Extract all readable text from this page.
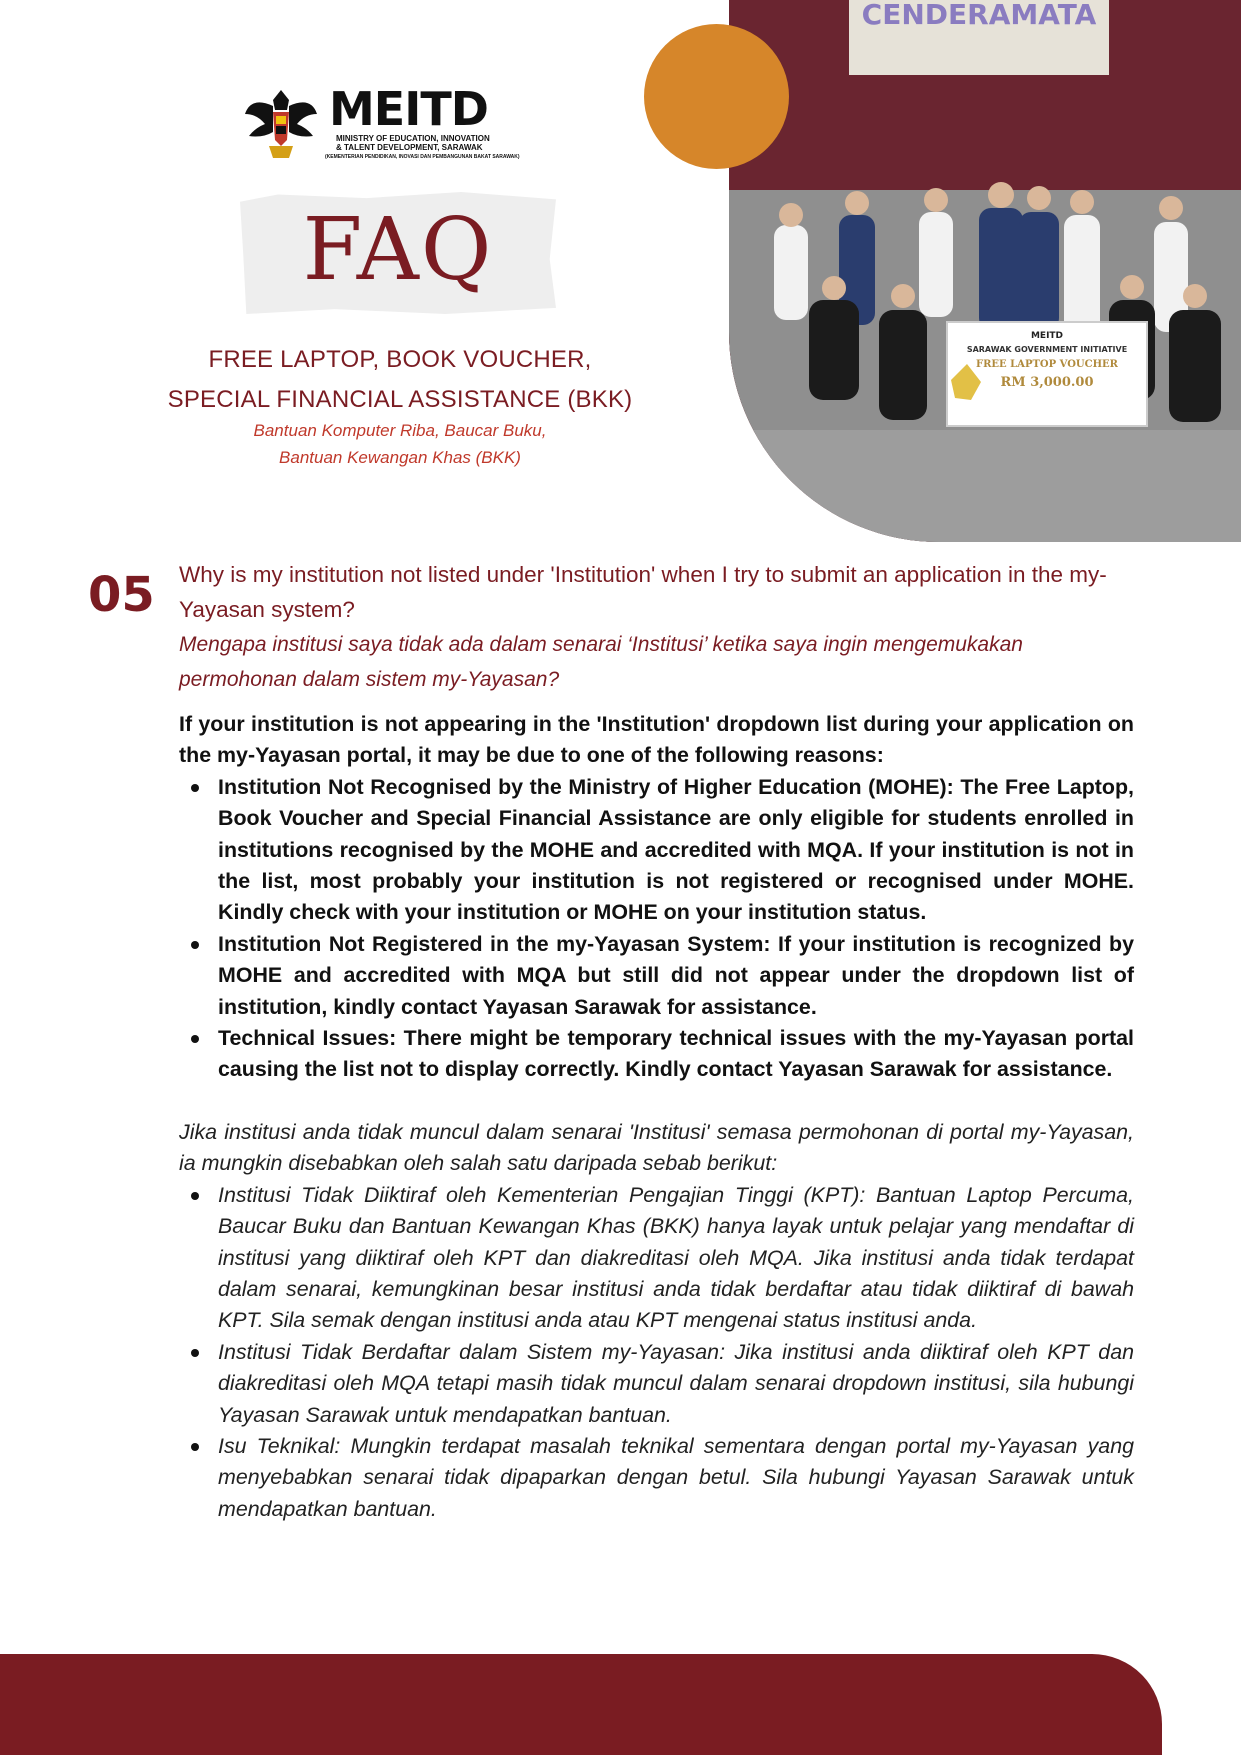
CENDERAMATA
MEITD
SARAWAK GOVERNMENT INITIATIVE
FREE LAPTOP VOUCHER
RM 3,000.00
MEITD
MINISTRY OF EDUCATION, INNOVATION
& TALENT DEVELOPMENT, SARAWAK
(KEMENTERIAN PENDIDIKAN, INOVASI DAN PEMBANGUNAN BAKAT SARAWAK)
FAQ
FREE LAPTOP, BOOK VOUCHER,
SPECIAL FINANCIAL ASSISTANCE (BKK)
Bantuan Komputer Riba, Baucar Buku,
Bantuan Kewangan Khas (BKK)
05 Why is my institution not listed under 'Institution' when I try to submit an application in the my-Yayasan system?
Mengapa institusi saya tidak ada dalam senarai ‘Institusi’ ketika saya ingin mengemukakan permohonan dalam sistem my-Yayasan?

If your institution is not appearing in the 'Institution' dropdown list during your application on the my-Yayasan portal, it may be due to one of the following reasons:

Institution Not Recognised by the Ministry of Higher Education (MOHE): The Free Laptop, Book Voucher and Special Financial Assistance are only eligible for students enrolled in institutions recognised by the MOHE and accredited with MQA. If your institution is not in the list, most probably your institution is not registered or recognised under MOHE. Kindly check with your institution or MOHE on your institution status.
Institution Not Registered in the my-Yayasan System: If your institution is recognized by MOHE and accredited with MQA but still did not appear under the dropdown list of institution, kindly contact Yayasan Sarawak for assistance.
Technical Issues: There might be temporary technical issues with the my-Yayasan portal causing the list not to display correctly. Kindly contact Yayasan Sarawak for assistance.

Jika institusi anda tidak muncul dalam senarai 'Institusi' semasa permohonan di portal my-Yayasan, ia mungkin disebabkan oleh salah satu daripada sebab berikut:

Institusi Tidak Diiktiraf oleh Kementerian Pengajian Tinggi (KPT): Bantuan Laptop Percuma, Baucar Buku dan Bantuan Kewangan Khas (BKK) hanya layak untuk pelajar yang mendaftar di institusi yang diiktiraf oleh KPT dan diakreditasi oleh MQA. Jika institusi anda tidak terdapat dalam senarai, kemungkinan besar institusi anda tidak berdaftar atau tidak diiktiraf di bawah KPT. Sila semak dengan institusi anda atau KPT mengenai status institusi anda.
Institusi Tidak Berdaftar dalam Sistem my-Yayasan: Jika institusi anda diiktiraf oleh KPT dan diakreditasi oleh MQA tetapi masih tidak muncul dalam senarai dropdown institusi, sila hubungi Yayasan Sarawak untuk mendapatkan bantuan.
Isu Teknikal: Mungkin terdapat masalah teknikal sementara dengan portal my-Yayasan yang menyebabkan senarai tidak dipaparkan dengan betul. Sila hubungi Yayasan Sarawak untuk mendapatkan bantuan.
